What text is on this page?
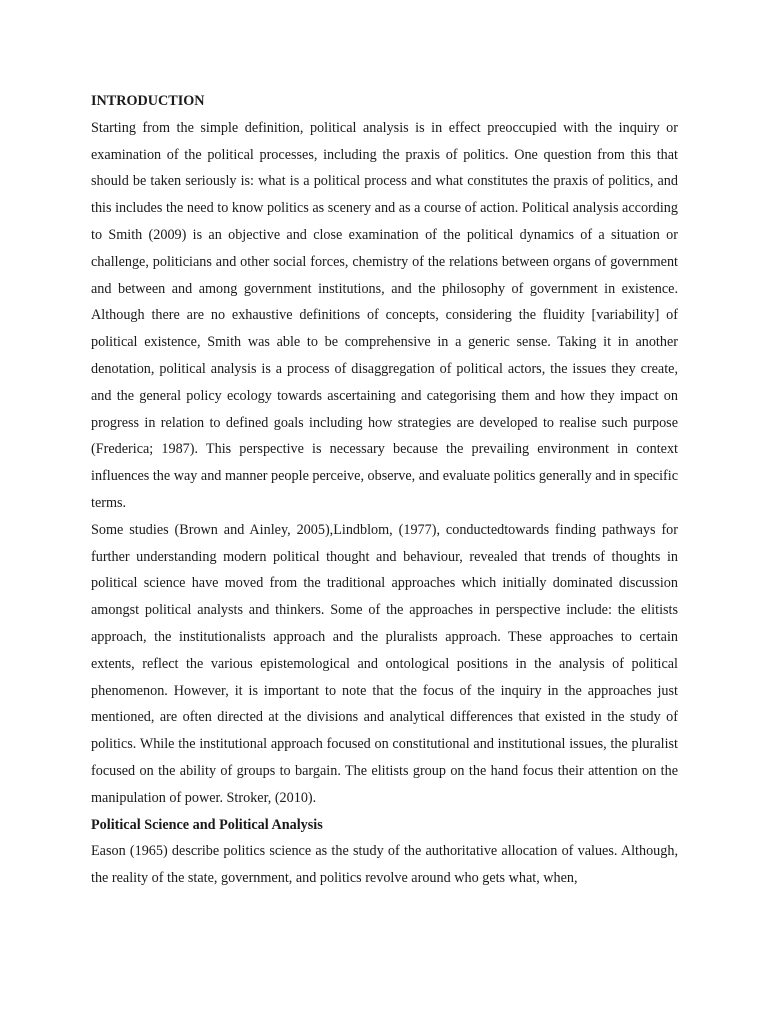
INTRODUCTION

Starting from the simple definition, political analysis is in effect preoccupied with the inquiry or examination of the political processes, including the praxis of politics. One question from this that should be taken seriously is: what is a political process and what constitutes the praxis of politics, and this includes the need to know politics as scenery and as a course of action. Political analysis according to Smith (2009) is an objective and close examination of the political dynamics of a situation or challenge, politicians and other social forces, chemistry of the relations between organs of government and between and among government institutions, and the philosophy of government in existence. Although there are no exhaustive definitions of concepts, considering the fluidity [variability] of political existence, Smith was able to be comprehensive in a generic sense. Taking it in another denotation, political analysis is a process of disaggregation of political actors, the issues they create, and the general policy ecology towards ascertaining and categorising them and how they impact on progress in relation to defined goals including how strategies are developed to realise such purpose (Frederica; 1987). This perspective is necessary because the prevailing environment in context influences the way and manner people perceive, observe, and evaluate politics generally and in specific terms.

Some studies (Brown and Ainley, 2005),Lindblom, (1977), conductedtowards finding pathways for further understanding modern political thought and behaviour, revealed that trends of thoughts in political science have moved from the traditional approaches which initially dominated discussion amongst political analysts and thinkers. Some of the approaches in perspective include: the elitists approach, the institutionalists approach and the pluralists approach. These approaches to certain extents, reflect the various epistemological and ontological positions in the analysis of political phenomenon. However, it is important to note that the focus of the inquiry in the approaches just mentioned, are often directed at the divisions and analytical differences that existed in the study of politics. While the institutional approach focused on constitutional and institutional issues, the pluralist focused on the ability of groups to bargain. The elitists group on the hand focus their attention on the manipulation of power. Stroker, (2010).

Political Science and Political Analysis

Eason (1965) describe politics science as the study of the authoritative allocation of values. Although, the reality of the state, government, and politics revolve around who gets what, when,
